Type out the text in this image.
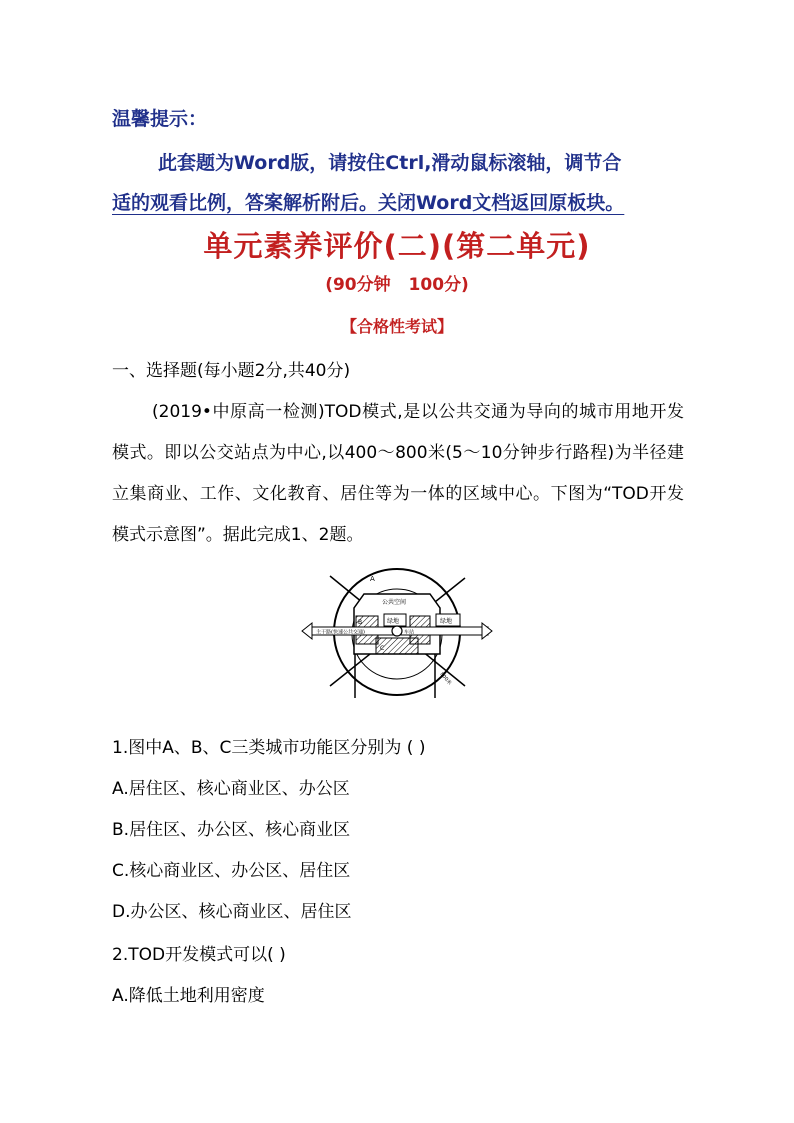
温馨提示：
此套题为Word版，请按住Ctrl,滑动鼠标滚轴，调节合
适的观看比例，答案解析附后。关闭Word文档返回原板块。
单元素养评价(二)(第二单元)
(90分钟 100分)
【合格性考试】
一、选择题(每小题2分,共40分)
(2019•中原高一检测)TOD模式,是以公共交通为导向的城市用地开发模式。即以公交站点为中心,以400～800米(5～10分钟步行路程)为半径建立集商业、工作、文化教育、居住等为一体的区域中心。下图为“TOD开发模式示意图”。据此完成1、2题。
A
公共空间
绿地	绿地
主干路(快速公共交通)	车站
B
C
800米
1.图中A、B、C三类城市功能区分别为 ( )
A.居住区、核心商业区、办公区
B.居住区、办公区、核心商业区
C.核心商业区、办公区、居住区
D.办公区、核心商业区、居住区
2.TOD开发模式可以( )
A.降低土地利用密度
